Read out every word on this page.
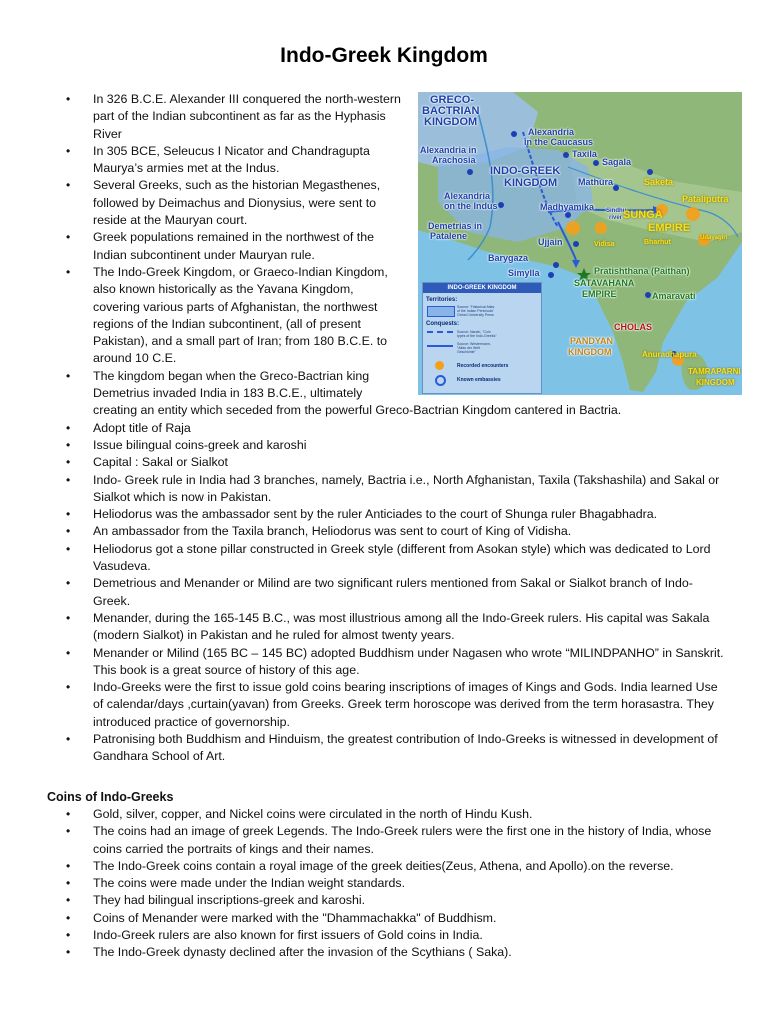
Indo-Greek Kingdom
• In 326 B.C.E. Alexander III conquered the north-western part of the Indian subcontinent as far as the Hyphasis River
• In 305 BCE, Seleucus I Nicator and Chandragupta Maurya’s armies met at the Indus.
• Several Greeks, such as the historian Megasthenes, followed by Deimachus and Dionysius, were sent to reside at the Mauryan court.
• Greek populations remained in the northwest of the Indian subcontinent under Mauryan rule.
• The Indo-Greek Kingdom, or Graeco-Indian Kingdom, also known historically as the Yavana Kingdom, covering various parts of Afghanistan, the northwest regions of the Indian subcontinent, (all of present Pakistan), and a small part of Iran; from 180 B.C.E. to around 10 C.E.
• The kingdom began when the Greco-Bactrian king Demetrius invaded India in 183 B.C.E., ultimately creating an entity which seceded from the powerful Greco-Bactrian Kingdom cantered in Bactria.
• Adopt title of Raja
• Issue bilingual coins-greek and karoshi
• Capital : Sakal or Sialkot
• Indo- Greek rule in India had 3 branches, namely, Bactria i.e., North Afghanistan, Taxila (Takshashila) and Sakal or Sialkot which is now in Pakistan.
• Heliodorus was the ambassador sent by the ruler Anticiades to the court of Shunga ruler Bhagabhadra.
• An ambassador from the Taxila branch, Heliodorus was sent to court of King of Vidisha.
• Heliodorus got a stone pillar constructed in Greek style (different from Asokan style) which was dedicated to Lord Vasudeva.
• Demetrious and Menander or Milind are two significant rulers mentioned from Sakal or Sialkot branch of Indo-Greek.
• Menander, during the 165-145 B.C., was most illustrious among all the Indo-Greek rulers. His capital was Sakala (modern Sialkot) in Pakistan and he ruled for almost twenty years.
• Menander or Milind (165 BC – 145 BC) adopted Buddhism under Nagasen who wrote “MILINDPANHO” in Sanskrit. This book is a great source of history of this age.
• Indo-Greeks were the first to issue gold coins bearing inscriptions of images of Kings and Gods. India learned Use of calendar/days ,curtain(yavan) from Greeks. Greek term horoscope was derived from the term horasastra. They introduced practice of governorship.
• Patronising both Buddhism and Hinduism, the greatest contribution of Indo-Greeks is witnessed in development of Gandhara School of Art.
GRECO-
BACTRIAN
KINGDOM
Alexandria
in the Caucasus
Alexandria in
Arachosia
Taxila
Sagala
INDO-GREEK
KINGDOM Mathura	Saketa
Pataliputra
Alexandria
on the Indus	Madhyamika Sindhu
river SUNGA
EMPIRE
Demetrias in
Patalene
Ujjain	Vidisa	Bharhut
Udayagiri
Barygaza
Simylla	Pratishthana (Paithan)
SATAVAHANA
EMPIRE	Amaravati
CHOLAS
PANDYAN
KINGDOM	Anuradhapura
TAMRAPARNI
KINGDOM
INDO-GREEK KINGDOM
Territories:
Source: "Historical Atlas
of the Indian Peninsula"
Oxford University Press
Conquests:
Source: Narain, "Coin
types of the Indo-Greeks"
Source: Westermann,
"Atlas der Welt
Geschichte"
Recorded encounters
Known embassies
Coins of Indo-Greeks
• Gold, silver, copper, and Nickel coins were circulated in the north of Hindu Kush.
• The coins had an image of greek Legends. The Indo-Greek rulers were the first one in the history of India, whose coins carried the portraits of kings and their names.
• The Indo-Greek coins contain a royal image of the greek deities(Zeus, Athena, and Apollo).on the reverse.
• The coins were made under the Indian weight standards.
• They had bilingual inscriptions-greek and karoshi.
• Coins of Menander were marked with the "Dhammachakka" of Buddhism.
• Indo-Greek rulers are also known for first issuers of Gold coins in India.
• The Indo-Greek dynasty declined after the invasion of the Scythians ( Saka).
